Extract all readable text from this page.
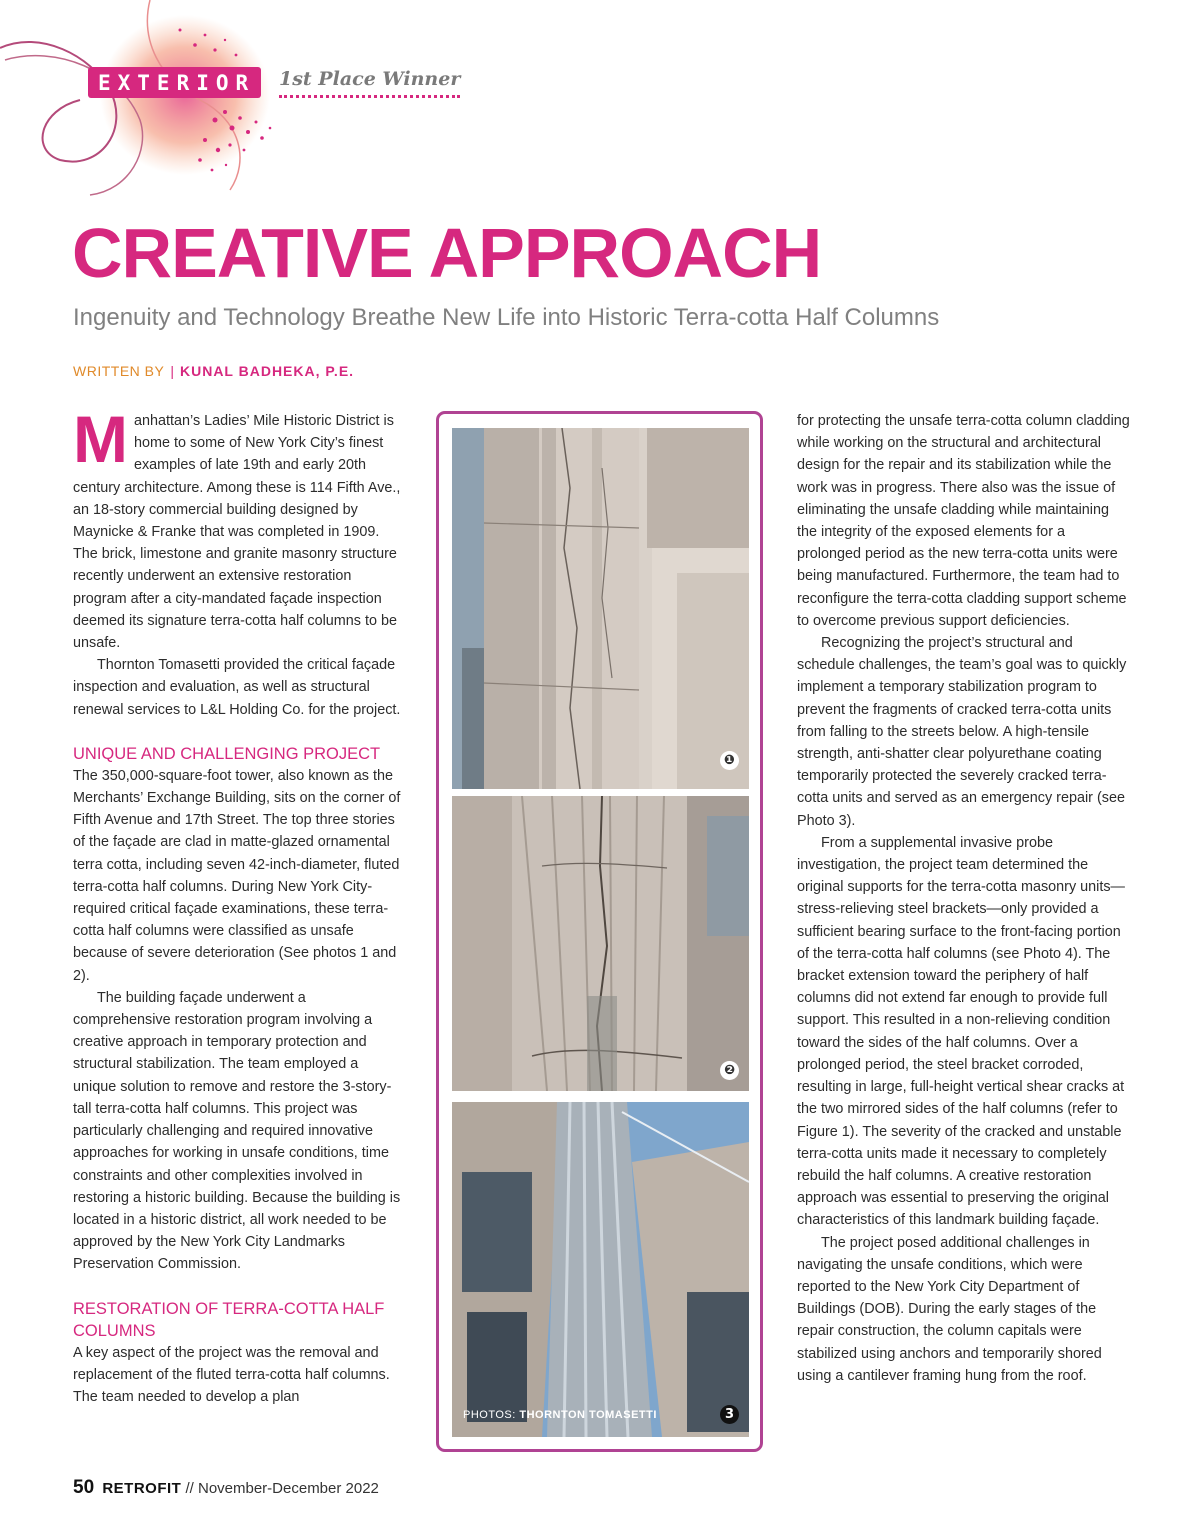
EXTERIOR	1st Place Winner
CREATIVE APPROACH
Ingenuity and Technology Breathe New Life into Historic Terra-cotta Half Columns
WRITTEN BY | KUNAL BADHEKA, P.E.

Manhattan’s Ladies’ Mile Historic District is home to some of New York City’s finest examples of late 19th and early 20th century architecture. Among these is 114 Fifth Ave., an 18-story commercial building designed by Maynicke & Franke that was completed in 1909. The brick, limestone and granite masonry structure recently underwent an extensive restoration program after a city-mandated façade inspection deemed its signature terra-cotta half columns to be unsafe.

Thornton Tomasetti provided the critical façade inspection and evaluation, as well as structural renewal services to L&L Holding Co. for the project.

UNIQUE AND CHALLENGING PROJECT

The 350,000-square-foot tower, also known as the Merchants’ Exchange Building, sits on the corner of Fifth Avenue and 17th Street. The top three stories of the façade are clad in matte-glazed ornamental terra cotta, including seven 42-inch-diameter, fluted terra-cotta half columns. During New York City-required critical façade examinations, these terra-cotta half columns were classified as unsafe because of severe deterioration (See photos 1 and 2).

The building façade underwent a comprehensive restoration program involving a creative approach in temporary protection and structural stabilization. The team employed a unique solution to remove and restore the 3-story-tall terra-cotta half columns. This project was particularly challenging and required innovative approaches for working in unsafe conditions, time constraints and other complexities involved in restoring a historic building. Because the building is located in a historic district, all work needed to be approved by the New York City Landmarks Preservation Commission.

RESTORATION OF TERRA-COTTA HALF COLUMNS

A key aspect of the project was the removal and replacement of the fluted terra-cotta half columns. The team needed to develop a plan

❶
❷
PHOTOS: THORNTON TOMASETTI	3

for protecting the unsafe terra-cotta column cladding while working on the structural and architectural design for the repair and its stabilization while the work was in progress. There also was the issue of eliminating the unsafe cladding while maintaining the integrity of the exposed elements for a prolonged period as the new terra-cotta units were being manufactured. Furthermore, the team had to reconfigure the terra-cotta cladding support scheme to overcome previous support deficiencies.

Recognizing the project’s structural and schedule challenges, the team’s goal was to quickly implement a temporary stabilization program to prevent the fragments of cracked terra-cotta units from falling to the streets below. A high-tensile strength, anti-shatter clear polyurethane coating temporarily protected the severely cracked terra-cotta units and served as an emergency repair (see Photo 3).

From a supplemental invasive probe investigation, the project team determined the original supports for the terra-cotta masonry units—stress-relieving steel brackets—only provided a sufficient bearing surface to the front-facing portion of the terra-cotta half columns (see Photo 4). The bracket extension toward the periphery of half columns did not extend far enough to provide full support. This resulted in a non-relieving condition toward the sides of the half columns. Over a prolonged period, the steel bracket corroded, resulting in large, full-height vertical shear cracks at the two mirrored sides of the half columns (refer to Figure 1). The severity of the cracked and unstable terra-cotta units made it necessary to completely rebuild the half columns. A creative restoration approach was essential to preserving the original characteristics of this landmark building façade.

The project posed additional challenges in navigating the unsafe conditions, which were reported to the New York City Department of Buildings (DOB). During the early stages of the repair construction, the column capitals were stabilized using anchors and temporarily shored using a cantilever framing hung from the roof.

50 RETROFIT // November-December 2022
